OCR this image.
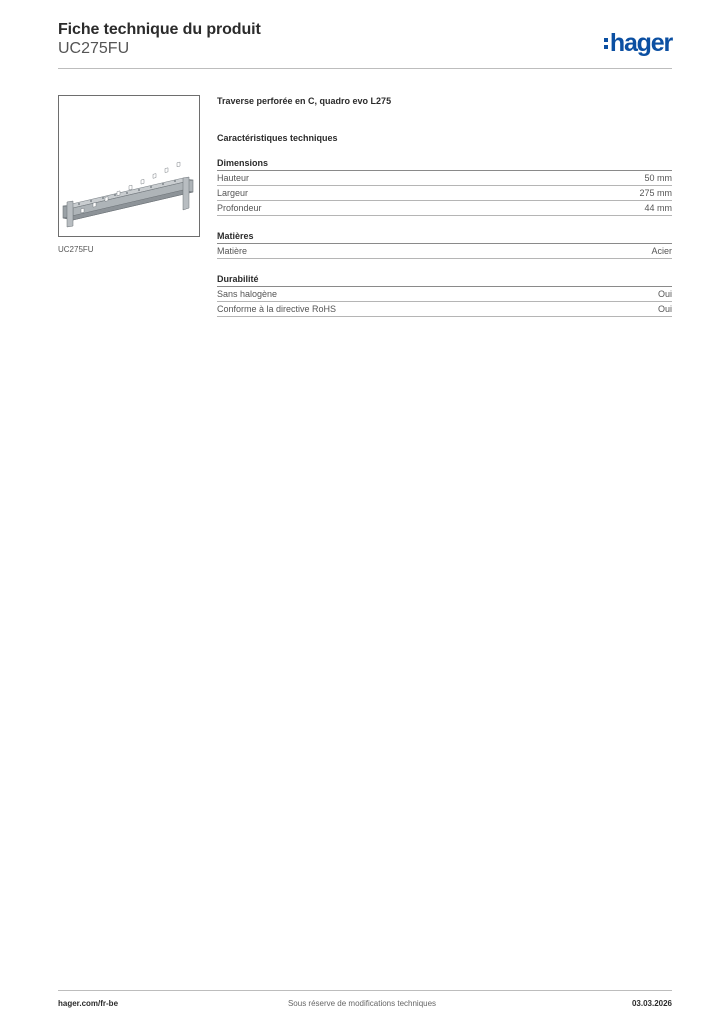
Fiche technique du produit
UC275FU	hager
UC275FU
Traverse perforée en C, quadro evo L275
Caractéristiques techniques
Dimensions
Hauteur	50 mm
Largeur	275 mm
Profondeur	44 mm
Matières
Matière	Acier
Durabilité
Sans halogène	Oui
Conforme à la directive RoHS	Oui
hager.com/fr-be	Sous réserve de modifications techniques	03.03.2026
